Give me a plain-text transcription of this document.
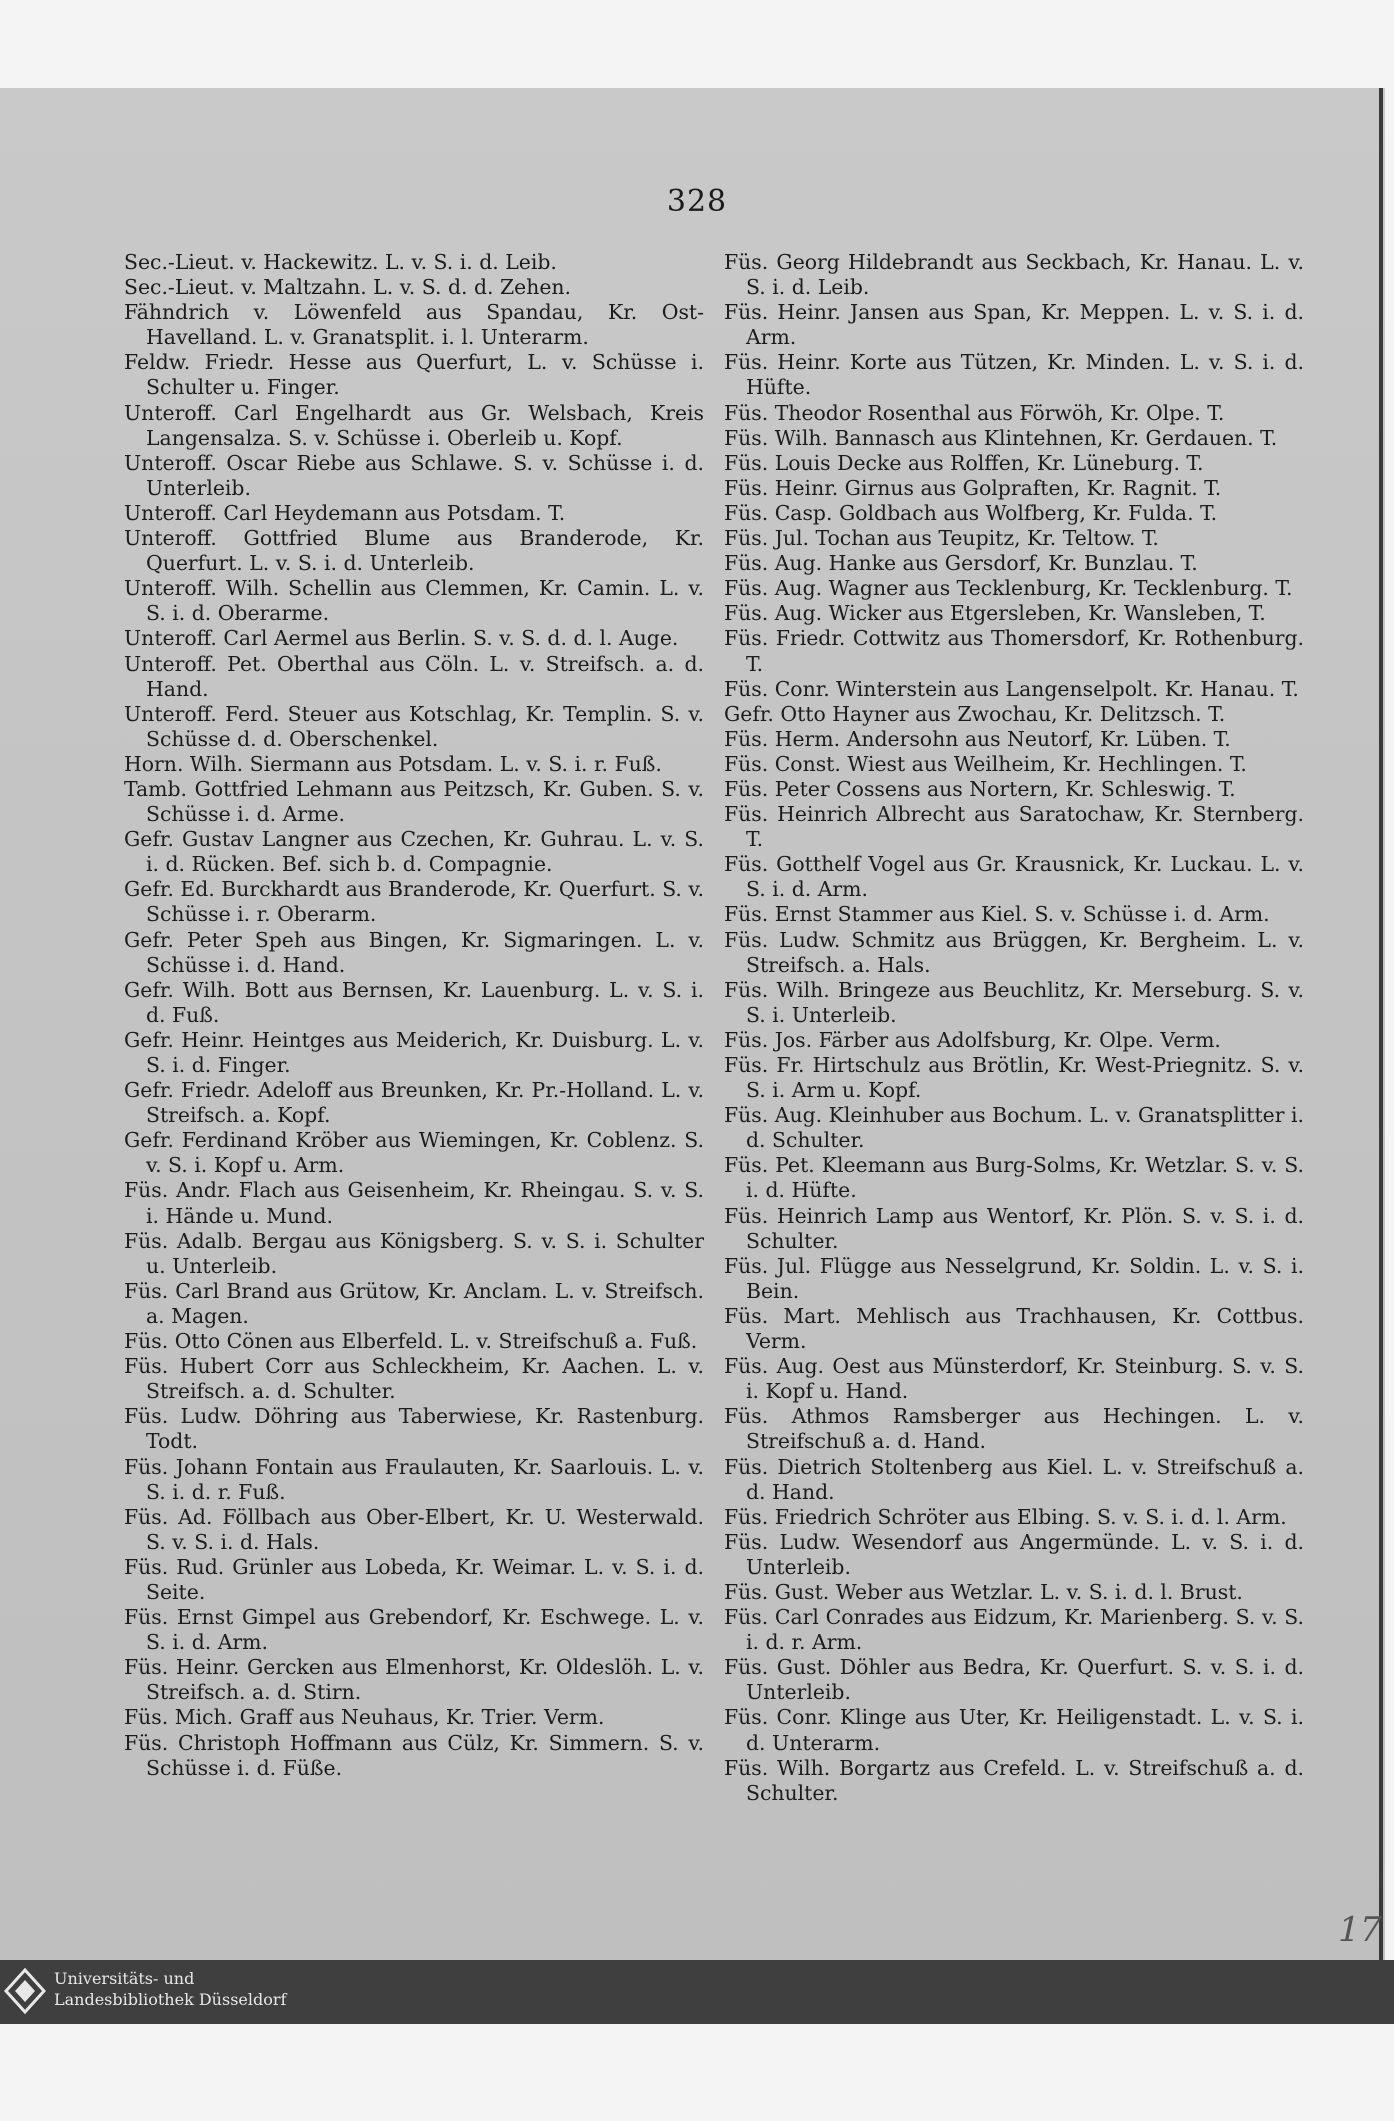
328
Sec.-Lieut. v. Hackewitz. L. v. S. i. d. Leib.
Sec.-Lieut. v. Maltzahn. L. v. S. d. d. Zehen.
Fähndrich v. Löwenfeld aus Spandau, Kr. Ost-Havelland. L. v. Granatsplit. i. l. Unterarm.
Feldw. Friedr. Hesse aus Querfurt, L. v. Schüsse i. Schulter u. Finger.
Unteroff. Carl Engelhardt aus Gr. Welsbach, Kreis Langensalza. S. v. Schüsse i. Oberleib u. Kopf.
Unteroff. Oscar Riebe aus Schlawe. S. v. Schüsse i. d. Unterleib.
Unteroff. Carl Heydemann aus Potsdam. T.
Unteroff. Gottfried Blume aus Branderode, Kr. Querfurt. L. v. S. i. d. Unterleib.
Unteroff. Wilh. Schellin aus Clemmen, Kr. Camin. L. v. S. i. d. Oberarme.
Unteroff. Carl Aermel aus Berlin. S. v. S. d. d. l. Auge.
Unteroff. Pet. Oberthal aus Cöln. L. v. Streifsch. a. d. Hand.
Unteroff. Ferd. Steuer aus Kotschlag, Kr. Templin. S. v. Schüsse d. d. Oberschenkel.
Horn. Wilh. Siermann aus Potsdam. L. v. S. i. r. Fuß.
Tamb. Gottfried Lehmann aus Peitzsch, Kr. Guben. S. v. Schüsse i. d. Arme.
Gefr. Gustav Langner aus Czechen, Kr. Guhrau. L. v. S. i. d. Rücken. Bef. sich b. d. Compagnie.
Gefr. Ed. Burckhardt aus Branderode, Kr. Querfurt. S. v. Schüsse i. r. Oberarm.
Gefr. Peter Speh aus Bingen, Kr. Sigmaringen. L. v. Schüsse i. d. Hand.
Gefr. Wilh. Bott aus Bernsen, Kr. Lauenburg. L. v. S. i. d. Fuß.
Gefr. Heinr. Heintges aus Meiderich, Kr. Duisburg. L. v. S. i. d. Finger.
Gefr. Friedr. Adeloff aus Breunken, Kr. Pr.-Holland. L. v. Streifsch. a. Kopf.
Gefr. Ferdinand Kröber aus Wiemingen, Kr. Coblenz. S. v. S. i. Kopf u. Arm.
Füs. Andr. Flach aus Geisenheim, Kr. Rheingau. S. v. S. i. Hände u. Mund.
Füs. Adalb. Bergau aus Königsberg. S. v. S. i. Schulter u. Unterleib.
Füs. Carl Brand aus Grütow, Kr. Anclam. L. v. Streifsch. a. Magen.
Füs. Otto Cönen aus Elberfeld. L. v. Streifschuß a. Fuß.
Füs. Hubert Corr aus Schleckheim, Kr. Aachen. L. v. Streifsch. a. d. Schulter.
Füs. Ludw. Döhring aus Taberwiese, Kr. Rastenburg. Todt.
Füs. Johann Fontain aus Fraulauten, Kr. Saarlouis. L. v. S. i. d. r. Fuß.
Füs. Ad. Föllbach aus Ober-Elbert, Kr. U. Westerwald. S. v. S. i. d. Hals.
Füs. Rud. Grünler aus Lobeda, Kr. Weimar. L. v. S. i. d. Seite.
Füs. Ernst Gimpel aus Grebendorf, Kr. Eschwege. L. v. S. i. d. Arm.
Füs. Heinr. Gercken aus Elmenhorst, Kr. Oldeslöh. L. v. Streifsch. a. d. Stirn.
Füs. Mich. Graff aus Neuhaus, Kr. Trier. Verm.
Füs. Christoph Hoffmann aus Cülz, Kr. Simmern. S. v. Schüsse i. d. Füße.
Füs. Georg Hildebrandt aus Seckbach, Kr. Hanau. L. v. S. i. d. Leib.
Füs. Heinr. Jansen aus Span, Kr. Meppen. L. v. S. i. d. Arm.
Füs. Heinr. Korte aus Tützen, Kr. Minden. L. v. S. i. d. Hüfte.
Füs. Theodor Rosenthal aus Förwöh, Kr. Olpe. T.
Füs. Wilh. Bannasch aus Klintehnen, Kr. Gerdauen. T.
Füs. Louis Decke aus Rolffen, Kr. Lüneburg. T.
Füs. Heinr. Girnus aus Golpraften, Kr. Ragnit. T.
Füs. Casp. Goldbach aus Wolfberg, Kr. Fulda. T.
Füs. Jul. Tochan aus Teupitz, Kr. Teltow. T.
Füs. Aug. Hanke aus Gersdorf, Kr. Bunzlau. T.
Füs. Aug. Wagner aus Tecklenburg, Kr. Tecklenburg. T.
Füs. Aug. Wicker aus Etgersleben, Kr. Wansleben, T.
Füs. Friedr. Cottwitz aus Thomersdorf, Kr. Rothenburg. T.
Füs. Conr. Winterstein aus Langenselpolt. Kr. Hanau. T.
Gefr. Otto Hayner aus Zwochau, Kr. Delitzsch. T.
Füs. Herm. Andersohn aus Neutorf, Kr. Lüben. T.
Füs. Const. Wiest aus Weilheim, Kr. Hechlingen. T.
Füs. Peter Cossens aus Nortern, Kr. Schleswig. T.
Füs. Heinrich Albrecht aus Saratochaw, Kr. Sternberg. T.
Füs. Gotthelf Vogel aus Gr. Krausnick, Kr. Luckau. L. v. S. i. d. Arm.
Füs. Ernst Stammer aus Kiel. S. v. Schüsse i. d. Arm.
Füs. Ludw. Schmitz aus Brüggen, Kr. Bergheim. L. v. Streifsch. a. Hals.
Füs. Wilh. Bringeze aus Beuchlitz, Kr. Merseburg. S. v. S. i. Unterleib.
Füs. Jos. Färber aus Adolfsburg, Kr. Olpe. Verm.
Füs. Fr. Hirtschulz aus Brötlin, Kr. West-Priegnitz. S. v. S. i. Arm u. Kopf.
Füs. Aug. Kleinhuber aus Bochum. L. v. Granatsplitter i. d. Schulter.
Füs. Pet. Kleemann aus Burg-Solms, Kr. Wetzlar. S. v. S. i. d. Hüfte.
Füs. Heinrich Lamp aus Wentorf, Kr. Plön. S. v. S. i. d. Schulter.
Füs. Jul. Flügge aus Nesselgrund, Kr. Soldin. L. v. S. i. Bein.
Füs. Mart. Mehlisch aus Trachhausen, Kr. Cottbus. Verm.
Füs. Aug. Oest aus Münsterdorf, Kr. Steinburg. S. v. S. i. Kopf u. Hand.
Füs. Athmos Ramsberger aus Hechingen. L. v. Streifschuß a. d. Hand.
Füs. Dietrich Stoltenberg aus Kiel. L. v. Streifschuß a. d. Hand.
Füs. Friedrich Schröter aus Elbing. S. v. S. i. d. l. Arm.
Füs. Ludw. Wesendorf aus Angermünde. L. v. S. i. d. Unterleib.
Füs. Gust. Weber aus Wetzlar. L. v. S. i. d. l. Brust.
Füs. Carl Conrades aus Eidzum, Kr. Marienberg. S. v. S. i. d. r. Arm.
Füs. Gust. Döhler aus Bedra, Kr. Querfurt. S. v. S. i. d. Unterleib.
Füs. Conr. Klinge aus Uter, Kr. Heiligenstadt. L. v. S. i. d. Unterarm.
Füs. Wilh. Borgartz aus Crefeld. L. v. Streifschuß a. d. Schulter.
17
Universitäts- und
Landesbibliothek Düsseldorf
